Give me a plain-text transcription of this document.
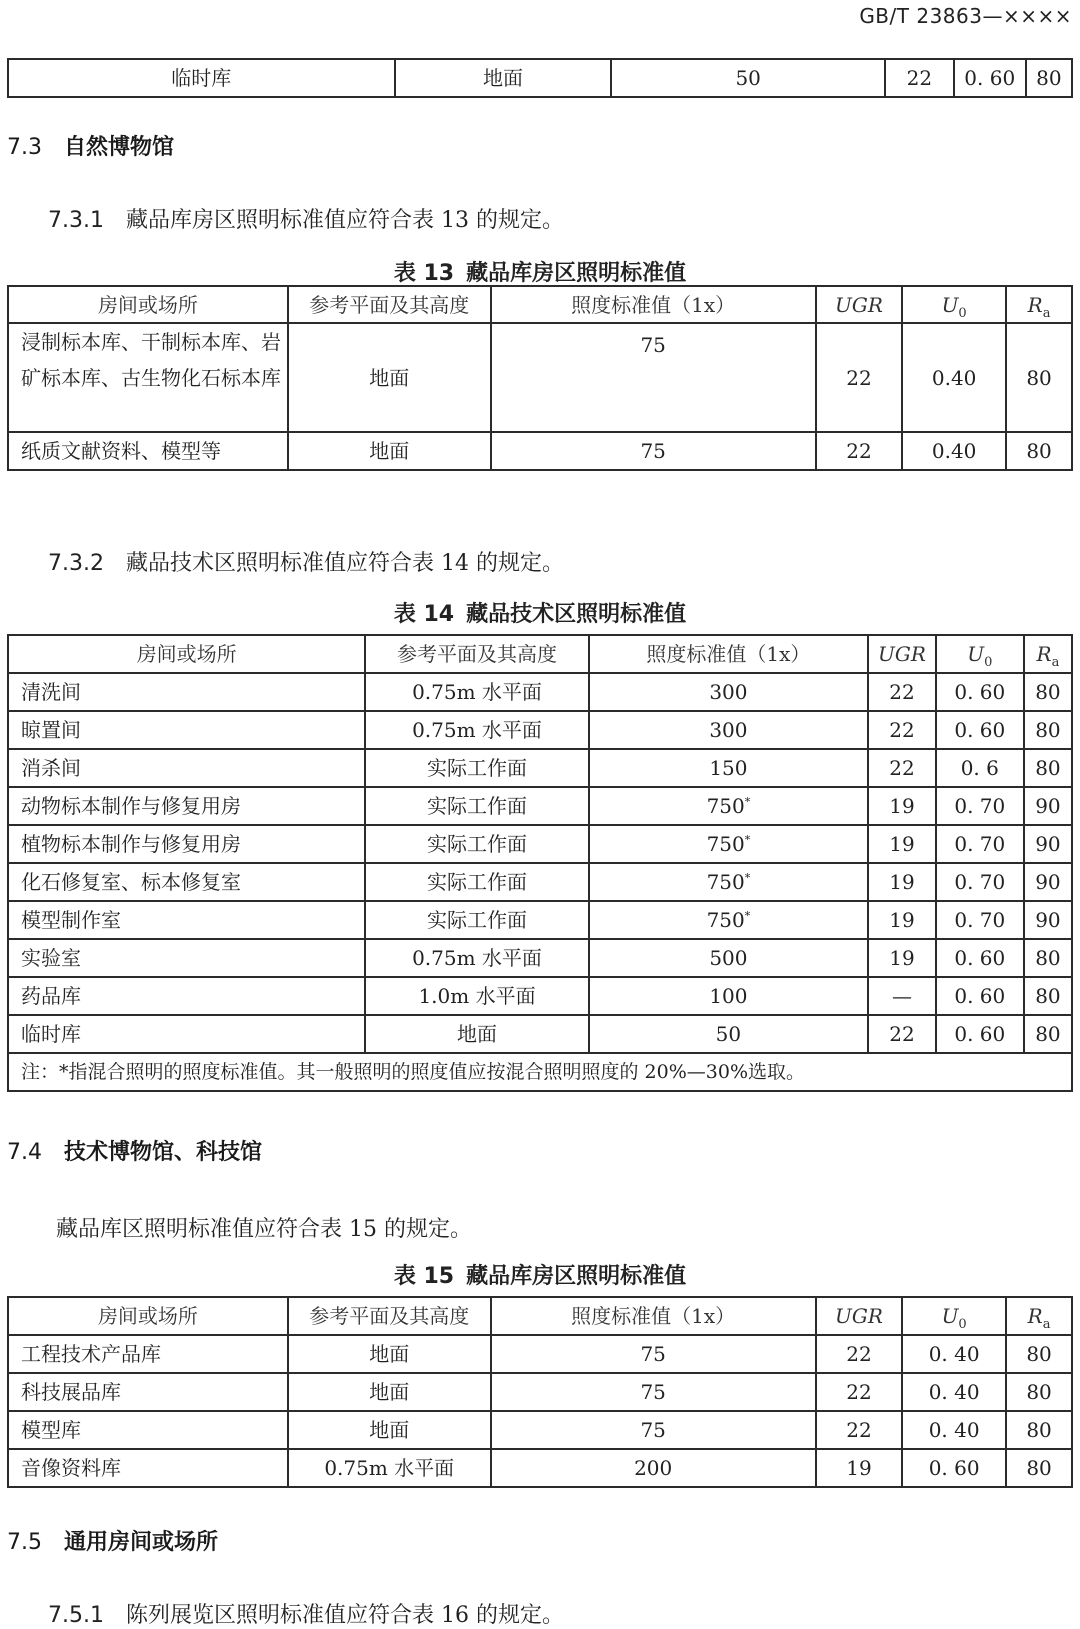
GB/T 23863—××××
临时库	地面	50	22	0. 60	80
7.3 自然博物馆
7.3.1 藏品库房区照明标准值应符合表 13 的规定。
表 13 藏品库房区照明标准值
房间或场所	参考平面及其高度	照度标准值（1x）	UGR	$U_0$	$R_a$
浸制标本库、干制标本库、岩矿标本库、古生物化石标本库	地面	75	22	0.40	80
纸质文献资料、模型等	地面	75	22	0.40	80
7.3.2 藏品技术区照明标准值应符合表 14 的规定。
表 14 藏品技术区照明标准值
房间或场所	参考平面及其高度	照度标准值（1x）	UGR	$U_0$	$R_a$
清洗间	0.75m 水平面	300	22	0. 60	80
晾置间	0.75m 水平面	300	22	0. 60	80
消杀间	实际工作面	150	22	0. 6	80
动物标本制作与修复用房	实际工作面	750*	19	0. 70	90
植物标本制作与修复用房	实际工作面	750*	19	0. 70	90
化石修复室、标本修复室	实际工作面	750*	19	0. 70	90
模型制作室	实际工作面	750*	19	0. 70	90
实验室	0.75m 水平面	500	19	0. 60	80
药品库	1.0m 水平面	100	—	0. 60	80
临时库	地面	50	22	0. 60	80
注：*指混合照明的照度标准值。其一般照明的照度值应按混合照明照度的 20%—30%选取。					
7.4 技术博物馆、科技馆
藏品库区照明标准值应符合表 15 的规定。
表 15 藏品库房区照明标准值
房间或场所	参考平面及其高度	照度标准值（1x）	UGR	$U_0$	$R_a$
工程技术产品库	地面	75	22	0. 40	80
科技展品库	地面	75	22	0. 40	80
模型库	地面	75	22	0. 40	80
音像资料库	0.75m 水平面	200	19	0. 60	80
7.5 通用房间或场所
7.5.1 陈列展览区照明标准值应符合表 16 的规定。
